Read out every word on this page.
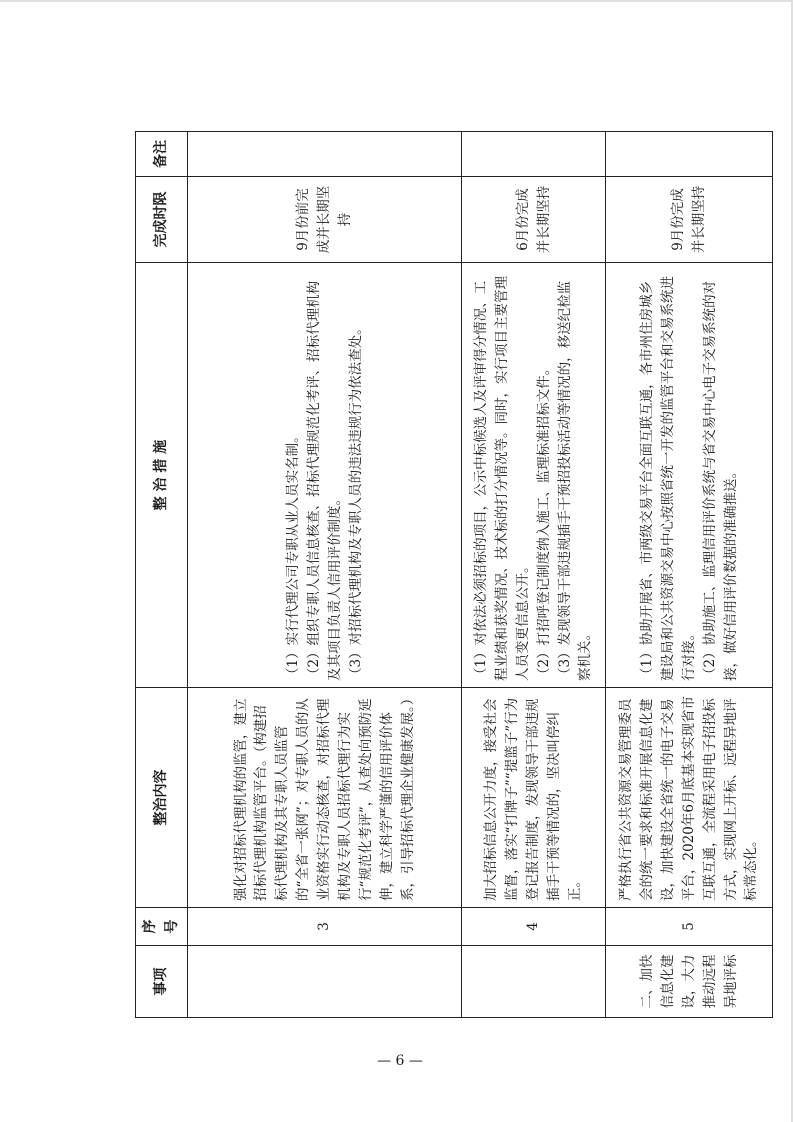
事项	序号	整治内容	整 治 措 施	完成时限	备注
	3	强化对招标代理机构的监管，建立招标代理机构监管平台。（构建招标代理机构及其专职人员监管的“全省一张网”；对专职人员的从业资格实行动态核查，对招标代理机构及专职人员招标代理行为实行“规范化考评”，从查处向预防延伸，建立科学严谨的信用评价体系，引导招标代理企业健康发展。）	（1）实行代理公司专职从业人员实名制。 （2）组织专职人员信息核查、招标代理规范化考评、招标代理机构及其项目负责人信用评价制度。 （3）对招标代理机构及专职人员的违法违规行为依法查处。	9月份前完成并长期坚持	
	4	加大招标信息公开力度，接受社会监督，落实“打牌子”“提篮子”行为登记报告制度，发现领导干部违规插手干预等情况的，坚决叫停纠正。	（1）对依法必须招标的项目，公示中标候选人及评审得分情况、工程业绩和获奖情况、技术标的打分情况等。同时，实行项目主要管理人员变更信息公开。 （2）打招呼登记制度纳入施工、监理标准招标文件。 （3）发现领导干部违规插手干预招投标活动等情况的，移送纪检监察机关。	6月份完成并长期坚持	
二、加快信息化建设，大力推动远程异地评标	5	严格执行省公共资源交易管理委员会的统一要求和标准开展信息化建设，加快建设全省统一的电子交易平台，2020年6月底基本实现省市互联互通，全流程采用电子招投标方式，实现网上开标、远程异地评标常态化。	（1）协助开展省、市两级交易平台全面互联互通，各市州住房城乡建设局和公共资源交易中心按照省统一开发的监管平台和交易系统进行对接。 （2）协助施工、监理信用评价系统与省交易中心电子交易系统的对接，做好信用评价数据的准确推送。	9月份完成并长期坚持	
— 6 —
